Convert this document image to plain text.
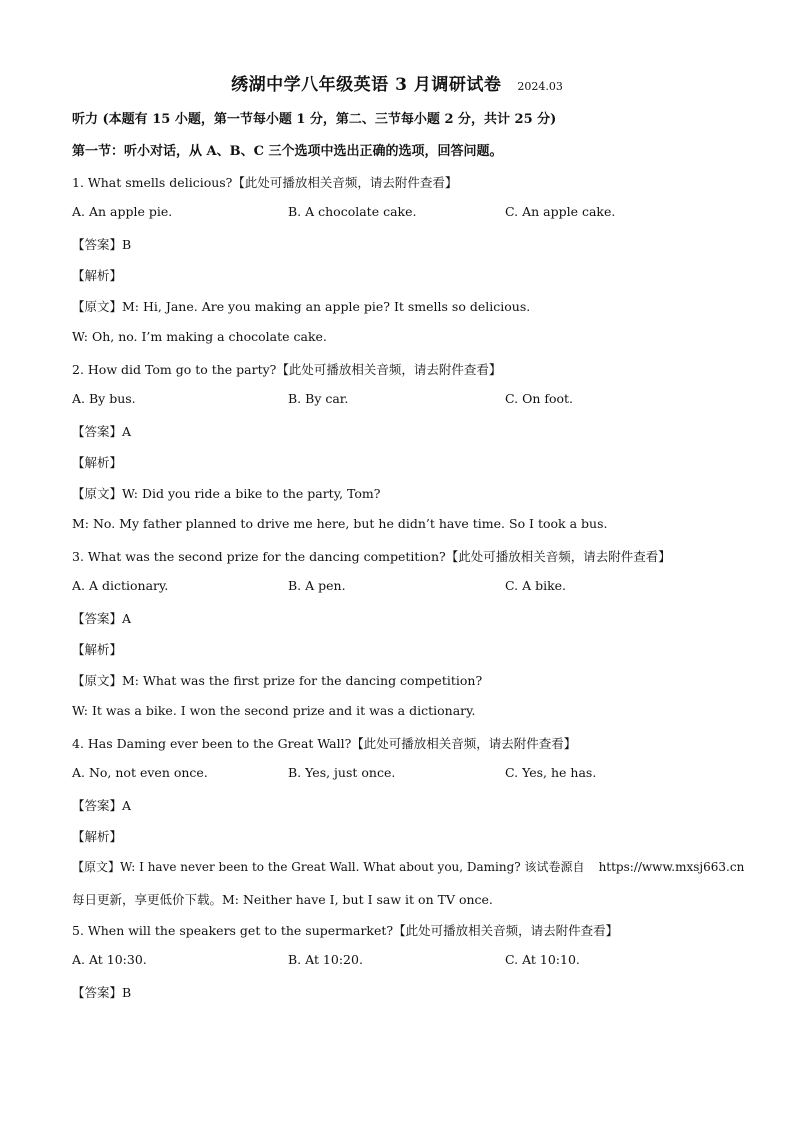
绣湖中学八年级英语 3 月调研试卷 2024.03
听力 (本题有 15 小题，第一节每小题 1 分，第二、三节每小题 2 分，共计 25 分)
第一节：听小对话，从 A、B、C 三个选项中选出正确的选项，回答问题。
1. What smells delicious?【此处可播放相关音频，请去附件查看】
A. An apple pie.	B. A chocolate cake.	C. An apple cake.
【答案】B
【解析】
【原文】M: Hi, Jane. Are you making an apple pie? It smells so delicious.
W: Oh, no. I’m making a chocolate cake.
2. How did Tom go to the party?【此处可播放相关音频，请去附件查看】
A. By bus.	B. By car.	C. On foot.
【答案】A
【解析】
【原文】W: Did you ride a bike to the party, Tom?
M: No. My father planned to drive me here, but he didn’t have time. So I took a bus.
3. What was the second prize for the dancing competition?【此处可播放相关音频，请去附件查看】
A. A dictionary.	B. A pen.	C. A bike.
【答案】A
【解析】
【原文】M: What was the first prize for the dancing competition?
W: It was a bike. I won the second prize and it was a dictionary.
4. Has Daming ever been to the Great Wall?【此处可播放相关音频，请去附件查看】
A. No, not even once.	B. Yes, just once.	C. Yes, he has.
【答案】A
【解析】
【原文】W: I have never been to the Great Wall. What about you, Daming? 该试卷源自 https://www.mxsj663.cn
每日更新，享更低价下载。M: Neither have I, but I saw it on TV once.
5. When will the speakers get to the supermarket?【此处可播放相关音频，请去附件查看】
A. At 10:30.	B. At 10:20.	C. At 10:10.
【答案】B
